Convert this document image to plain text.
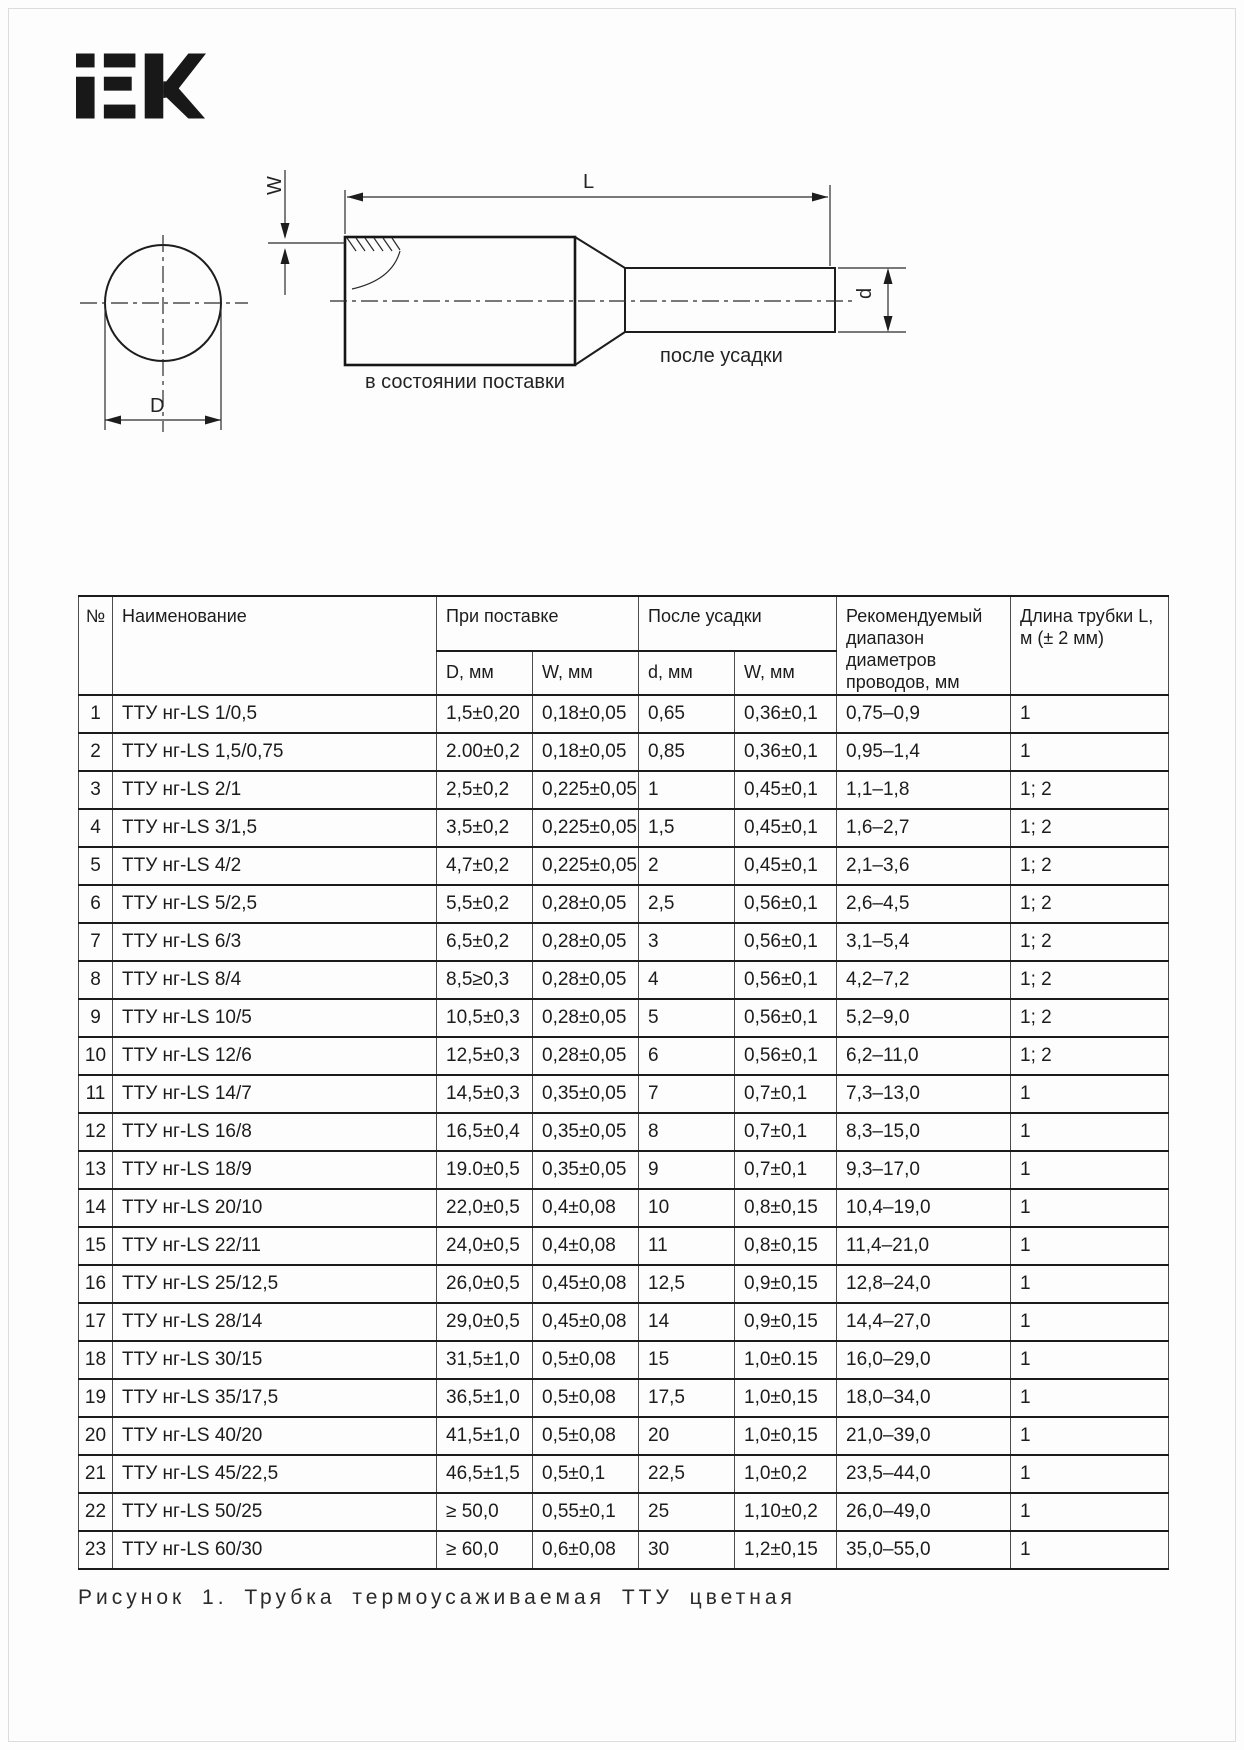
D
W	L
d
в состоянии поставки
после усадки
№	Наименование	При поставке		После усадки		Рекомендуемый диапазон диаметров проводов, мм	Длина трубки L, м (± 2 мм)
		D, мм	W, мм	d, мм	W, мм		
1	ТТУ нг-LS 1/0,5	1,5±0,20	0,18±0,05	0,65	0,36±0,1	0,75–0,9	1
2	ТТУ нг-LS 1,5/0,75	2.00±0,2	0,18±0,05	0,85	0,36±0,1	0,95–1,4	1
3	ТТУ нг-LS 2/1	2,5±0,2	0,225±0,05	1	0,45±0,1	1,1–1,8	1; 2
4	ТТУ нг-LS 3/1,5	3,5±0,2	0,225±0,05	1,5	0,45±0,1	1,6–2,7	1; 2
5	ТТУ нг-LS 4/2	4,7±0,2	0,225±0,05	2	0,45±0,1	2,1–3,6	1; 2
6	ТТУ нг-LS 5/2,5	5,5±0,2	0,28±0,05	2,5	0,56±0,1	2,6–4,5	1; 2
7	ТТУ нг-LS 6/3	6,5±0,2	0,28±0,05	3	0,56±0,1	3,1–5,4	1; 2
8	ТТУ нг-LS 8/4	8,5≥0,3	0,28±0,05	4	0,56±0,1	4,2–7,2	1; 2
9	ТТУ нг-LS 10/5	10,5±0,3	0,28±0,05	5	0,56±0,1	5,2–9,0	1; 2
10	ТТУ нг-LS 12/6	12,5±0,3	0,28±0,05	6	0,56±0,1	6,2–11,0	1; 2
11	ТТУ нг-LS 14/7	14,5±0,3	0,35±0,05	7	0,7±0,1	7,3–13,0	1
12	ТТУ нг-LS 16/8	16,5±0,4	0,35±0,05	8	0,7±0,1	8,3–15,0	1
13	ТТУ нг-LS 18/9	19.0±0,5	0,35±0,05	9	0,7±0,1	9,3–17,0	1
14	ТТУ нг-LS 20/10	22,0±0,5	0,4±0,08	10	0,8±0,15	10,4–19,0	1
15	ТТУ нг-LS 22/11	24,0±0,5	0,4±0,08	11	0,8±0,15	11,4–21,0	1
16	ТТУ нг-LS 25/12,5	26,0±0,5	0,45±0,08	12,5	0,9±0,15	12,8–24,0	1
17	ТТУ нг-LS 28/14	29,0±0,5	0,45±0,08	14	0,9±0,15	14,4–27,0	1
18	ТТУ нг-LS 30/15	31,5±1,0	0,5±0,08	15	1,0±0.15	16,0–29,0	1
19	ТТУ нг-LS 35/17,5	36,5±1,0	0,5±0,08	17,5	1,0±0,15	18,0–34,0	1
20	ТТУ нг-LS 40/20	41,5±1,0	0,5±0,08	20	1,0±0,15	21,0–39,0	1
21	ТТУ нг-LS 45/22,5	46,5±1,5	0,5±0,1	22,5	1,0±0,2	23,5–44,0	1
22	ТТУ нг-LS 50/25	≥ 50,0	0,55±0,1	25	1,10±0,2	26,0–49,0	1
23	ТТУ нг-LS 60/30	≥ 60,0	0,6±0,08	30	1,2±0,15	35,0–55,0	1
Рисунок 1. Трубка термоусаживаемая ТТУ цветная
